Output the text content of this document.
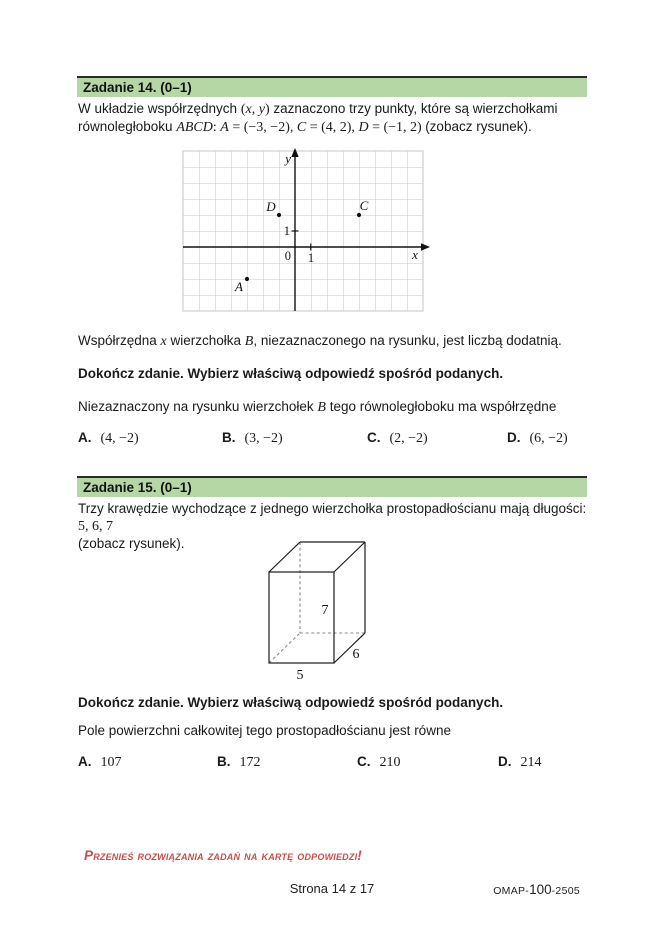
Zadanie 14. (0–1)
W układzie współrzędnych (x, y) zaznaczono trzy punkty, które są wierzchołkami
równoległoboku ABCD: A = (−3, −2), C = (4, 2), D = (−1, 2) (zobacz rysunek).
y
x
0 1
1
A
C
D
Współrzędna x wierzchołka B, niezaznaczonego na rysunku, jest liczbą dodatnią.
Dokończ zdanie. Wybierz właściwą odpowiedź spośród podanych.
Niezaznaczony na rysunku wierzchołek B tego równoległoboku ma współrzędne
A. (4, −2)	B. (3, −2)	C. (2, −2)	D. (6, −2)
Zadanie 15. (0–1)
Trzy krawędzie wychodzące z jednego wierzchołka prostopadłościanu mają długości: 5, 6, 7
(zobacz rysunek).
7
6
5
Dokończ zdanie. Wybierz właściwą odpowiedź spośród podanych.
Pole powierzchni całkowitej tego prostopadłościanu jest równe
A. 107	B. 172	C. 210	D. 214
Przenieś rozwiązania zadań na kartę odpowiedzi!
Strona 14 z 17	OMAP-100-2505
